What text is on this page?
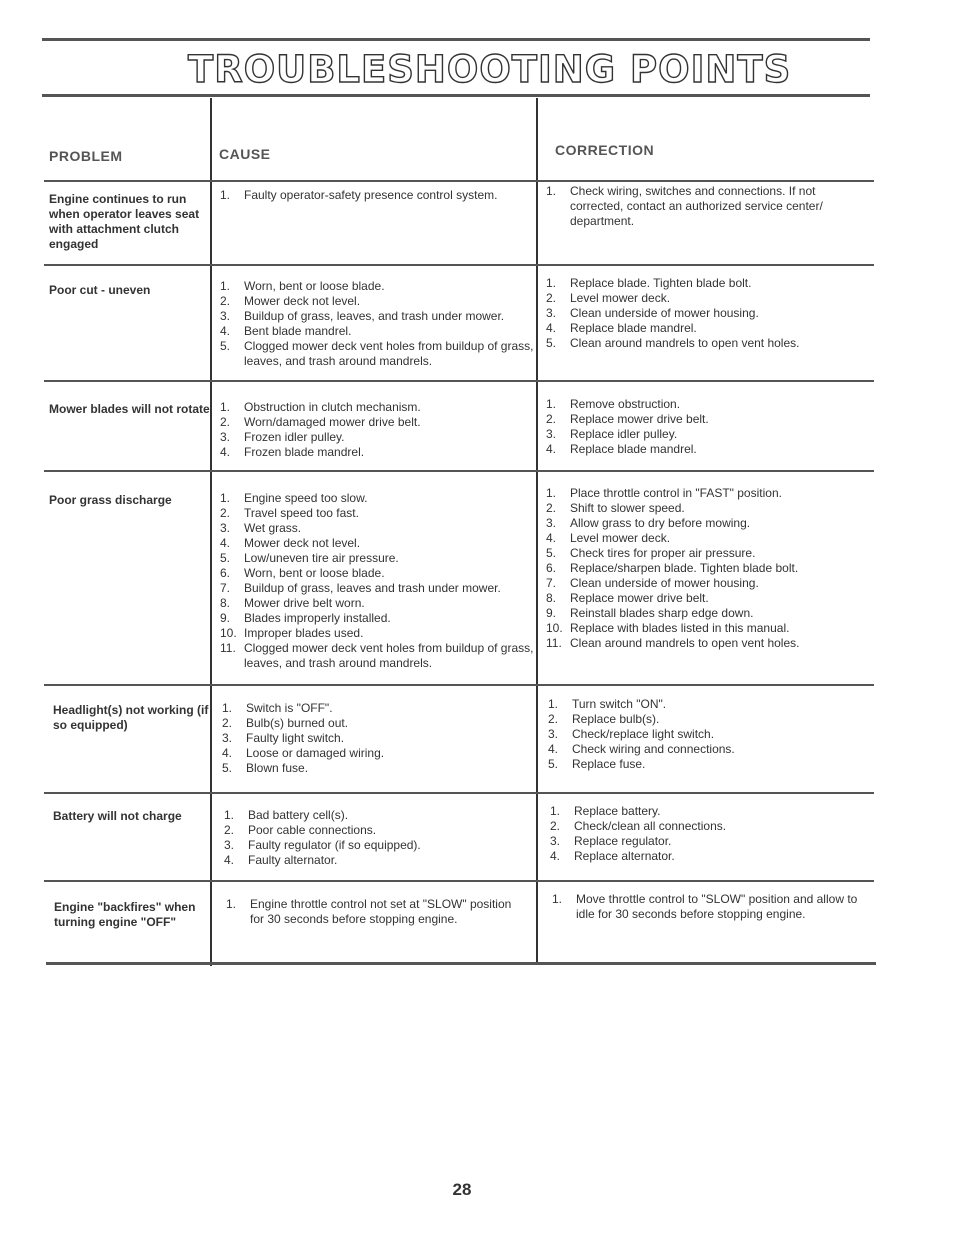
TROUBLESHOOTING POINTS
PROBLEM	CAUSE	CORRECTION
Engine continues to run when operator leaves seat with attachment clutch engaged
1.	Faulty operator-safety presence control system.	1.	Check wiring, switches and connections. If not corrected, contact an authorized service center/ department.
Poor cut - uneven	1.	Worn, bent or loose blade.
2.	Mower deck not level.
3.	Buildup of grass, leaves, and trash under mower.
4.	Bent blade mandrel.
5.	Clogged mower deck vent holes from buildup of grass, leaves, and trash around mandrels.
1.	Replace blade. Tighten blade bolt.
2.	Level mower deck.
3.	Clean underside of mower housing.
4.	Replace blade mandrel.
5.	Clean around mandrels to open vent holes.
Mower blades will not rotate 1.	Obstruction in clutch mechanism.
2.	Worn/damaged mower drive belt.
3.	Frozen idler pulley.
4.	Frozen blade mandrel.
1.	Remove obstruction.
2.	Replace mower drive belt.
3.	Replace idler pulley.
4.	Replace blade mandrel.
Poor grass discharge	1.	Engine speed too slow.
2.	Travel speed too fast.
3.	Wet grass.
4.	Mower deck not level.
5.	Low/uneven tire air pressure.
6.	Worn, bent or loose blade.
7.	Buildup of grass, leaves and trash under mower.
8.	Mower drive belt worn.
9.	Blades improperly installed.
10. Improper blades used.
11. Clogged mower deck vent holes from buildup of grass, leaves, and trash around mandrels.
1.	Place throttle control in "FAST" position.
2.	Shift to slower speed.
3.	Allow grass to dry before mowing.
4.	Level mower deck.
5.	Check tires for proper air pressure.
6.	Replace/sharpen blade. Tighten blade bolt.
7.	Clean underside of mower housing.
8.	Replace mower drive belt.
9.	Reinstall blades sharp edge down.
10. Replace with blades listed in this manual.
11. Clean around mandrels to open vent holes.
Headlight(s) not working (if so equipped)
1.	Switch is "OFF".
2.	Bulb(s) burned out.
3.	Faulty light switch.
4.	Loose or damaged wiring.
5.	Blown fuse.
1.	Turn switch "ON".
2.	Replace bulb(s).
3.	Check/replace light switch.
4.	Check wiring and connections.
5.	Replace fuse.
Battery will not charge	1.	Bad battery cell(s).
2.	Poor cable connections.
3.	Faulty regulator (if so equipped).
4.	Faulty alternator.
1.	Replace battery.
2.	Check/clean all connections.
3.	Replace regulator.
4.	Replace alternator.
Engine "backfires" when turning engine "OFF"
1.	Engine throttle control not set at "SLOW" position for 30 seconds before stopping engine.
1.	Move throttle control to "SLOW" position and allow to idle for 30 seconds before stopping engine.
28
